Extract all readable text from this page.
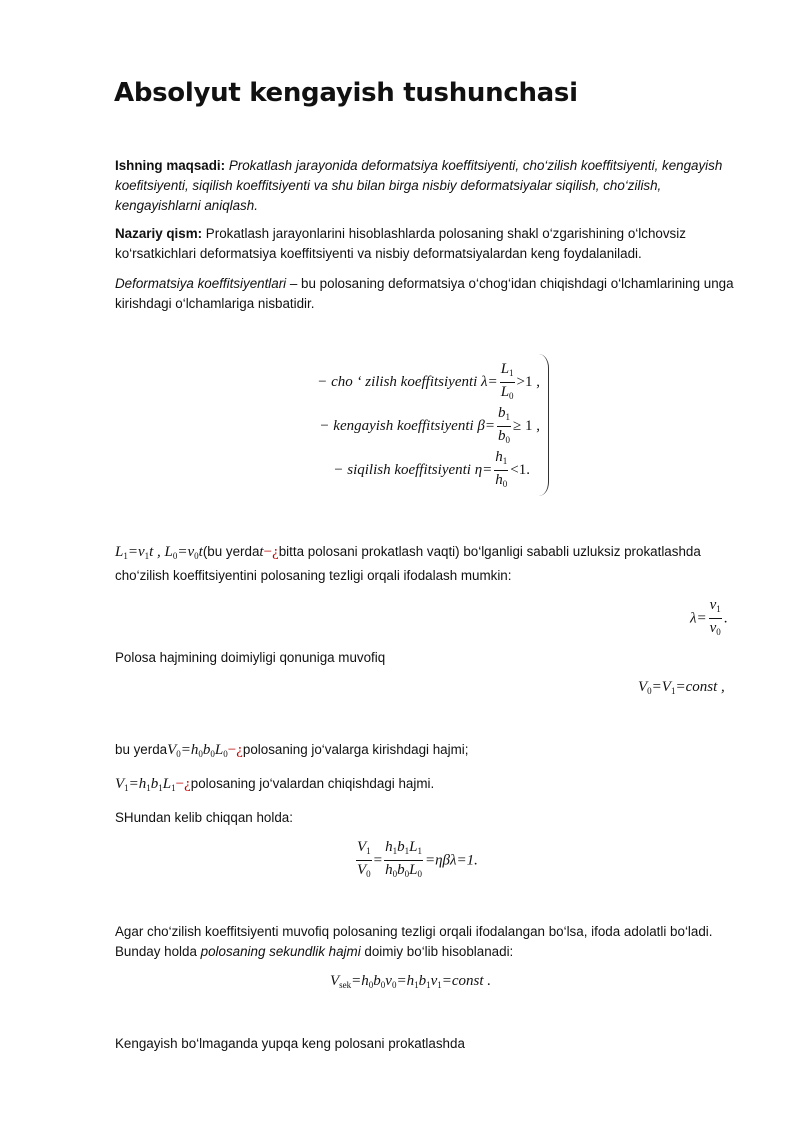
Absolyut kengayish tushunchasi
Ishning maqsadi: Prokatlash jarayonida deformatsiya koeffitsiyenti, cho‘zilish koeffitsiyenti, kengayish koefitsiyenti, siqilish koeffitsiyenti va shu bilan birga nisbiy deformatsiyalar siqilish, cho‘zilish, kengayishlarni aniqlash.
Nazariy qism: Prokatlash jarayonlarini hisoblashlarda polosaning shakl o‘zgarishining o‘lchovsiz ko‘rsatkichlari deformatsiya koeffitsiyenti va nisbiy deformatsiyalardan keng foydalaniladi.
Deformatsiya koeffitsiyentlari – bu polosaning deformatsiya o‘chog‘idan chiqishdagi o‘lchamlarining unga kirishdagi o‘lchamlariga nisbatidir.
− cho ‘ zilish koeffitsiyenti $\lambda= \frac{L_1}{L_0} >1$ ,
− kengayish koeffitsiyenti $\beta= \frac{b_1}{b_0} \ge 1$ ,
− siqilish koeffitsiyenti $\eta= \frac{h_1}{h_0} <1$.
$L_1=v_1t$ , $L_0=v_0t(bu$ yerdat−¿bitta polosani prokatlash vaqti) bo‘lganligi sababli uzluksiz prokatlashda cho‘zilish koeffitsiyentini polosaning tezligi orqali ifodalash mumkin:
$\lambda= \frac{v_1}{v_0}$ .
Polosa hajmining doimiyligi qonuniga muvofiq
$V_0=V_1=const$ ,
bu $yerdaV_0=h_0b_0L_0-¿polosaning$ jo‘valarga kirishdagi hajmi;
$V_1=h_1b_1L_1-¿polosaning$ jo‘valardan chiqishdagi hajmi.
SHundan kelib chiqqan holda:
$\frac{V_1}{V_0} = \frac{h_1b_1L_1}{h_0b_0L_0} =\eta\beta\lambda=1$.
Agar cho‘zilish koeffitsiyenti muvofiq polosaning tezligi orqali ifodalangan bo‘lsa, ifoda adolatli bo‘ladi. Bunday holda polosaning sekundlik hajmi doimiy bo‘lib hisoblanadi:
$V_{sek}=h_0b_0v_0=h_1b_1v_1=const$ .
Kengayish bo‘lmaganda yupqa keng polosani prokatlashda
